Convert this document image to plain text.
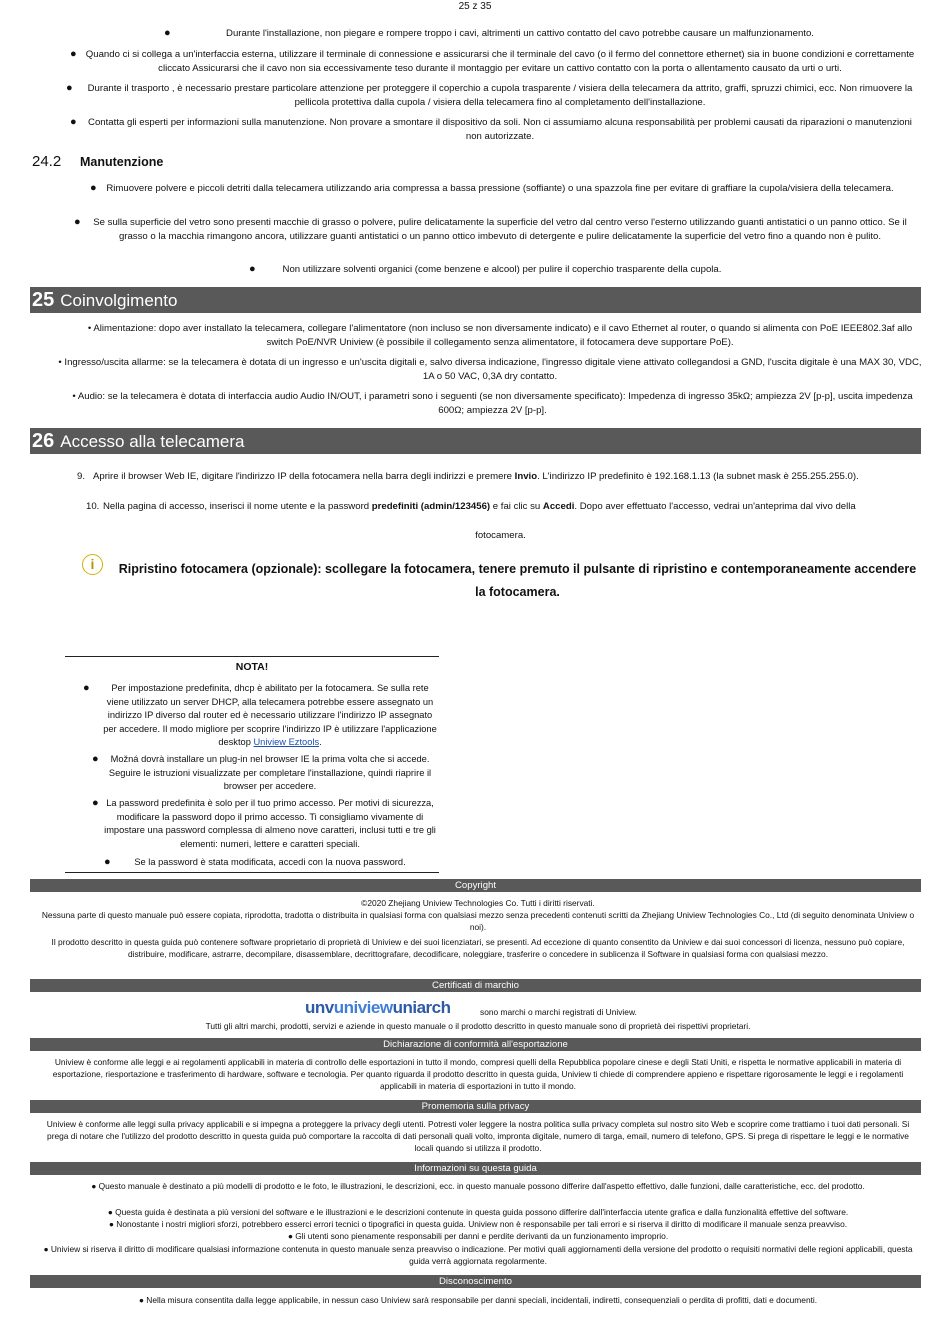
25 z 35
●	Durante l'installazione, non piegare e rompere troppo i cavi, altrimenti un cattivo contatto del cavo potrebbe causare un malfunzionamento.
● Quando ci si collega a un'interfaccia esterna, utilizzare il terminale di connessione e assicurarsi che il terminale del cavo (o il fermo del connettore ethernet) sia in buone condizioni e correttamente cliccato Assicurarsi che il cavo non sia eccessivamente teso durante il montaggio per evitare un cattivo contatto con la porta o allentamento causato da urti o urti.
● Durante il trasporto , è necessario prestare particolare attenzione per proteggere il coperchio a cupola trasparente / visiera della telecamera da attrito, graffi, spruzzi chimici, ecc. Non rimuovere la pellicola protettiva dalla cupola / visiera della telecamera fino al completamento dell'installazione.
● Contatta gli esperti per informazioni sulla manutenzione. Non provare a smontare il dispositivo da soli. Non ci assumiamo alcuna responsabilità per problemi causati da riparazioni o manutenzioni non autorizzate.
24.2 Manutenzione
● Rimuovere polvere e piccoli detriti dalla telecamera utilizzando aria compressa a bassa pressione (soffiante) o una spazzola fine per evitare di graffiare la cupola/visiera della telecamera.
● Se sulla superficie del vetro sono presenti macchie di grasso o polvere, pulire delicatamente la superficie del vetro dal centro verso l'esterno utilizzando guanti antistatici o un panno ottico. Se il grasso o la macchia rimangono ancora, utilizzare guanti antistatici o un panno ottico imbevuto di detergente e pulire delicatamente la superficie del vetro fino a quando non è pulito.
●	Non utilizzare solventi organici (come benzene e alcool) per pulire il coperchio trasparente della cupola.
25 Coinvolgimento
• Alimentazione: dopo aver installato la telecamera, collegare l'alimentatore (non incluso se non diversamente indicato) e il cavo Ethernet al router, o quando si alimenta con PoE IEEE802.3af allo switch PoE/NVR Uniview (è possibile il collegamento senza alimentatore, il fotocamera deve supportare PoE).
• Ingresso/uscita allarme: se la telecamera è dotata di un ingresso e un'uscita digitali e, salvo diversa indicazione, l'ingresso digitale viene attivato collegandosi a GND, l'uscita digitale è una MAX 30, VDC, 1A o 50 VAC, 0,3A dry contatto.
• Audio: se la telecamera è dotata di interfaccia audio Audio IN/OUT, i parametri sono i seguenti (se non diversamente specificato): Impedenza di ingresso 35kΩ; ampiezza 2V [p-p], uscita impedenza 600Ω; ampiezza 2V [p-p].
26 Accesso alla telecamera
9. Aprire il browser Web IE, digitare l'indirizzo IP della fotocamera nella barra degli indirizzi e premere Invio. L'indirizzo IP predefinito è 192.168.1.13 (la subnet mask è 255.255.255.0).
10. Nella pagina di accesso, inserisci il nome utente e la password predefiniti (admin/123456) e fai clic su Accedi. Dopo aver effettuato l'accesso, vedrai un'anteprima dal vivo della
fotocamera.
i	Ripristino fotocamera (opzionale): scollegare la fotocamera, tenere premuto il pulsante di ripristino e contemporaneamente accendere
la fotocamera.
NOTA!
● Per impostazione predefinita, dhcp è abilitato per la fotocamera. Se sulla rete viene utilizzato un server DHCP, alla telecamera potrebbe essere assegnato un indirizzo IP diverso dal router ed è necessario utilizzare l'indirizzo IP assegnato per accedere. Il modo migliore per scoprire l'indirizzo IP è utilizzare l'applicazione desktop Uniview Eztools.
● Možná dovrà installare un plug-in nel browser IE la prima volta che si accede. Seguire le istruzioni visualizzate per completare l'installazione, quindi riaprire il browser per accedere.
● La password predefinita è solo per il tuo primo accesso. Per motivi di sicurezza, modificare la password dopo il primo accesso. Ti consigliamo vivamente di impostare una password complessa di almeno nove caratteri, inclusi tutti e tre gli elementi: numeri, lettere e caratteri speciali.
●	Se la password è stata modificata, accedi con la nuova password.
Copyright
©2020 Zhejiang Uniview Technologies Co. Tutti i diritti riservati.
Nessuna parte di questo manuale può essere copiata, riprodotta, tradotta o distribuita in qualsiasi forma con qualsiasi mezzo senza precedenti contenuti scritti da Zhejiang Uniview Technologies Co., Ltd (di seguito denominata Uniview o noi).
Il prodotto descritto in questa guida può contenere software proprietario di proprietà di Uniview e dei suoi licenziatari, se presenti. Ad eccezione di quanto consentito da Uniview e dai suoi concessori di licenza, nessuno può copiare, distribuire, modificare, astrarre, decompilare, disassemblare, decrittografare, decodificare, noleggiare, trasferire o concedere in sublicenza il Software in qualsiasi forma con qualsiasi mezzo.
Certificati di marchio
unvuniviewuniarch	sono marchi o marchi registrati di Uniview.
Tutti gli altri marchi, prodotti, servizi e aziende in questo manuale o il prodotto descritto in questo manuale sono di proprietà dei rispettivi proprietari.
Dichiarazione di conformità all'esportazione
Uniview è conforme alle leggi e ai regolamenti applicabili in materia di controllo delle esportazioni in tutto il mondo, compresi quelli della Repubblica popolare cinese e degli Stati Uniti, e rispetta le normative applicabili in materia di esportazione, riesportazione e trasferimento di hardware, software e tecnologia. Per quanto riguarda il prodotto descritto in questa guida, Uniview ti chiede di comprendere appieno e rispettare rigorosamente le leggi e i regolamenti applicabili in materia di esportazioni in tutto il mondo.
Promemoria sulla privacy
Uniview è conforme alle leggi sulla privacy applicabili e si impegna a proteggere la privacy degli utenti. Potresti voler leggere la nostra politica sulla privacy completa sul nostro sito Web e scoprire come trattiamo i tuoi dati personali. Si prega di notare che l'utilizzo del prodotto descritto in questa guida può comportare la raccolta di dati personali quali volto, impronta digitale, numero di targa, email, numero di telefono, GPS. Si prega di rispettare le leggi e le normative locali quando si utilizza il prodotto.
Informazioni su questa guida
● Questo manuale è destinato a più modelli di prodotto e le foto, le illustrazioni, le descrizioni, ecc. in questo manuale possono differire dall'aspetto effettivo, dalle funzioni, dalle caratteristiche, ecc. del prodotto.
● Questa guida è destinata a più versioni del software e le illustrazioni e le descrizioni contenute in questa guida possono differire dall'interfaccia utente grafica e dalla funzionalità effettive del software.
● Nonostante i nostri migliori sforzi, potrebbero esserci errori tecnici o tipografici in questa guida. Uniview non è responsabile per tali errori e si riserva il diritto di modificare il manuale senza preavviso.
● Gli utenti sono pienamente responsabili per danni e perdite derivanti da un funzionamento improprio.
● Uniview si riserva il diritto di modificare qualsiasi informazione contenuta in questo manuale senza preavviso o indicazione. Per motivi quali aggiornamenti della versione del prodotto o requisiti normativi delle regioni applicabili, questa guida verrà aggiornata regolarmente.
Disconoscimento
● Nella misura consentita dalla legge applicabile, in nessun caso Uniview sarà responsabile per danni speciali, incidentali, indiretti, consequenziali o perdita di profitti, dati e documenti.
